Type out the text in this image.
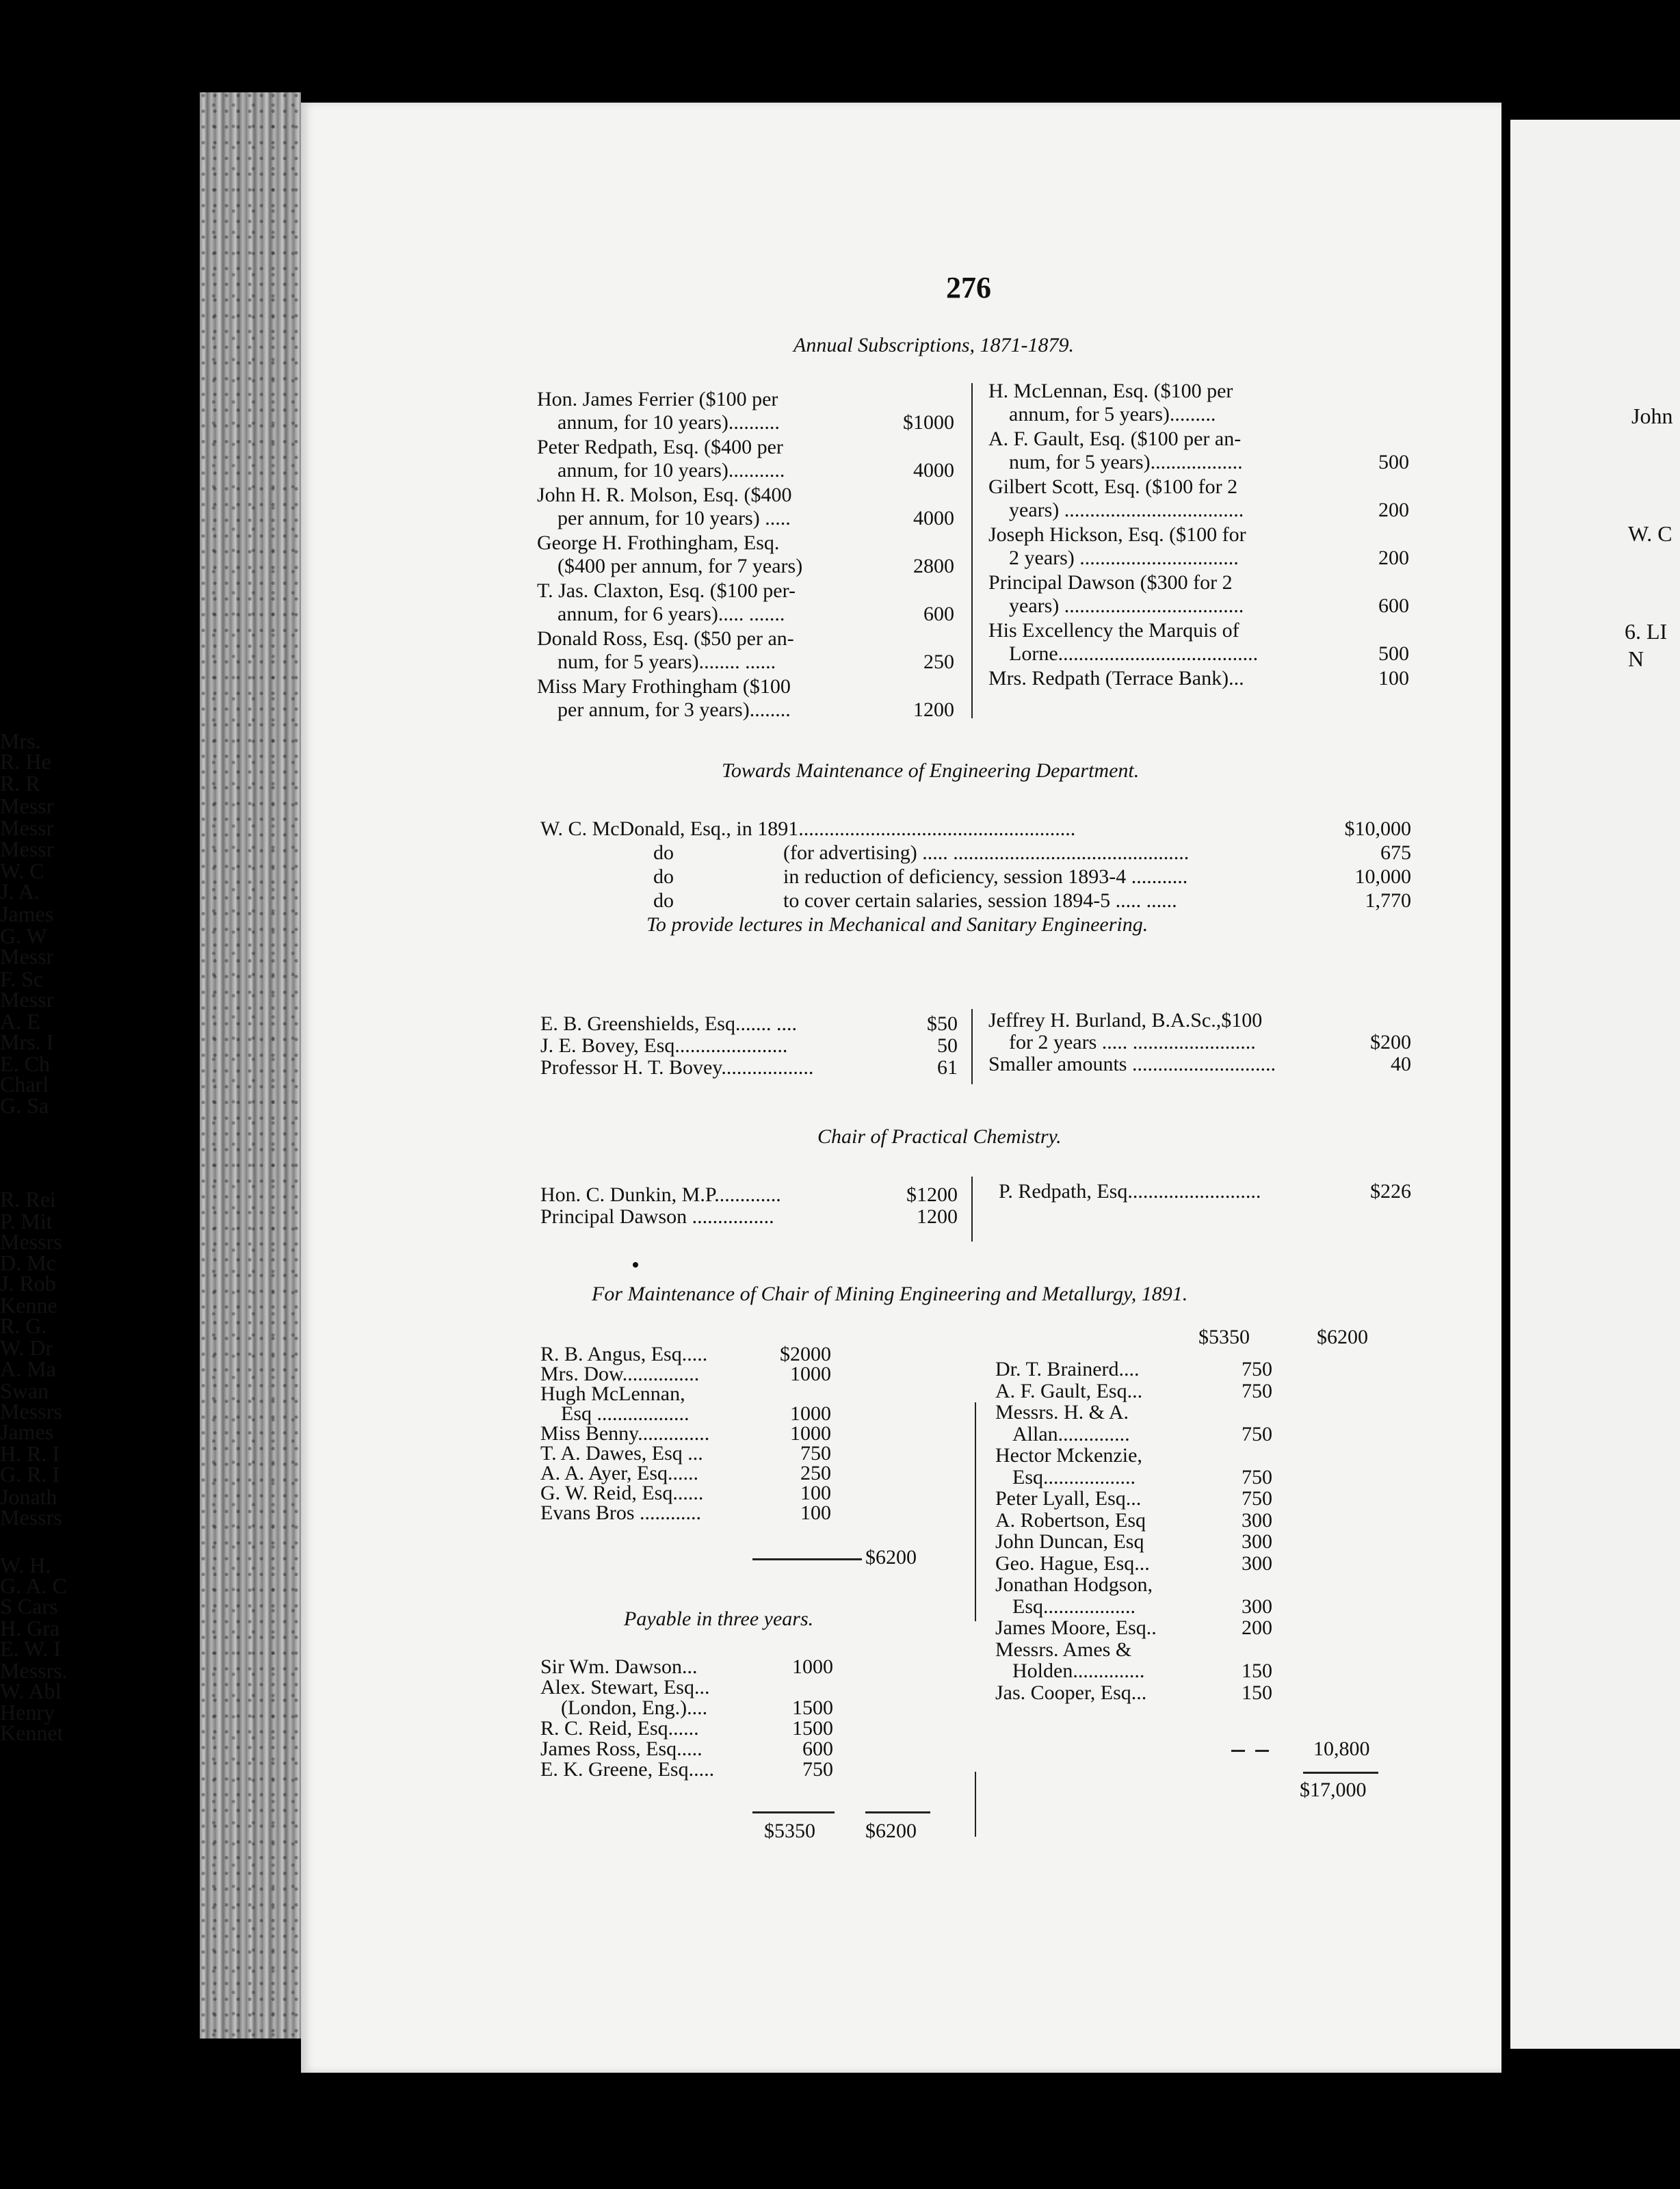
276
Annual Subscriptions, 1871-1879.
Hon. James Ferrier ($100 per
annum, for 10 years)..........	$1000
Peter Redpath, Esq. ($400 per
annum, for 10 years)...........	4000
John H. R. Molson, Esq. ($400
per annum, for 10 years) .....	4000
George H. Frothingham, Esq.
($400 per annum, for 7 years)	2800
T. Jas. Claxton, Esq. ($100 per-
annum, for 6 years)..... .......	600
Donald Ross, Esq. ($50 per an-
num, for 5 years)........ ......	250
Miss Mary Frothingham ($100
per annum, for 3 years)........	1200
H. McLennan, Esq. ($100 per
annum, for 5 years).........
A. F. Gault, Esq. ($100 per an-
num, for 5 years)..................	500
Gilbert Scott, Esq. ($100 for 2
years) ...................................	200
Joseph Hickson, Esq. ($100 for
2 years) ...............................	200
Principal Dawson ($300 for 2
years) ...................................	600
His Excellency the Marquis of
Lorne.......................................	500
Mrs. Redpath (Terrace Bank)...	100
Towards Maintenance of Engineering Department.
W. C. McDonald, Esq., in 1891......................................................	$10,000
do	(for advertising) ..... ..............................................	675
do	in reduction of deficiency, session 1893-4 ...........	10,000
do	to cover certain salaries, session 1894-5 ..... ......	1,770
To provide lectures in Mechanical and Sanitary Engineering.
E. B. Greenshields, Esq....... ....	$50
J. E. Bovey, Esq......................	50
Professor H. T. Bovey..................	61
Jeffrey H. Burland, B.A.Sc.,$100
for 2 years ..... ........................	$200
Smaller amounts ............................	40
Chair of Practical Chemistry.
Hon. C. Dunkin, M.P.............	$1200
Principal Dawson ................	1200
P. Redpath, Esq..........................	$226
For Maintenance of Chair of Mining Engineering and Metallurgy, 1891.
R. B. Angus, Esq.....	$2000
Mrs. Dow...............	1000
Hugh McLennan,
Esq ..................	1000
Miss Benny..............	1000
T. A. Dawes, Esq ...	750
A. A. Ayer, Esq......	250
G. W. Reid, Esq......	100
Evans Bros ............	100
Sir Wm. Dawson...	1000
Alex. Stewart, Esq...
(London, Eng.)....	1500
R. C. Reid, Esq......	1500
James Ross, Esq.....	600
E. K. Greene, Esq.....	750
Dr. T. Brainerd....	750
A. F. Gault, Esq...	750
Messrs. H. & A.
Allan..............	750
Hector Mckenzie,
Esq..................	750
Peter Lyall, Esq...	750
A. Robertson, Esq	300
John Duncan, Esq	300
Geo. Hague, Esq...	300
Jonathan Hodgson,
Esq..................	300
James Moore, Esq..	200
Messrs. Ames &
Holden..............	150
Jas. Cooper, Esq...	150
Payable in three years.
$6200
$5350 $6200
$5350	$6200
10,800
$17,000
John
W. C
6. LI
N
Mrs.
R. He
R. R
Messr
Messr
Messr
W. C
J. A.
James
G. W
Messr
F. Sc
Messr
A. E
Mrs. I
E. Ch
Charl
G. Sa
R. Rei
P. Mit
Messrs
D. Mc
J. Rob
Kenne
R. G.
W. Dr
A. Ma
Swan
Messrs
James
H. R. I
G. R. I
Jonath
Messrs
W. H.
G. A. C
S Cars
H. Gra
E. W. I
Messrs.
W. Abl
Henry
Kennet
